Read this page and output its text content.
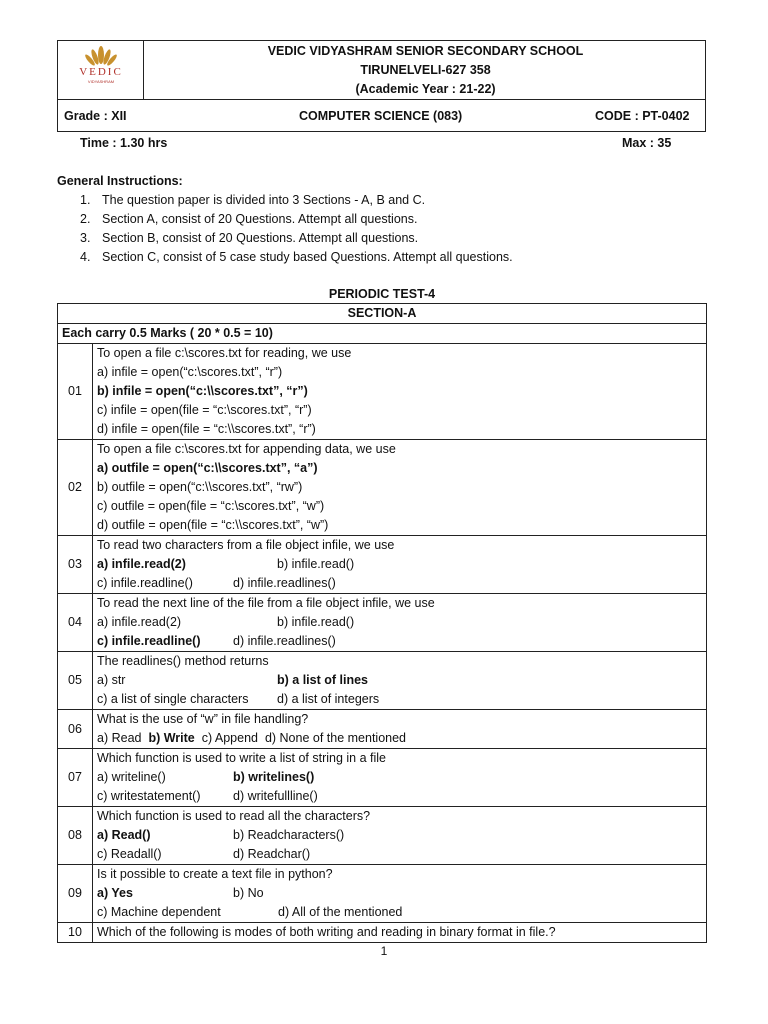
VEDIC
VIDYASHRAM
VEDIC VIDYASHRAM SENIOR SECONDARY SCHOOL
TIRUNELVELI-627 358
(Academic Year : 21-22)
Grade : XII	COMPUTER SCIENCE (083)	CODE : PT-0402
Time : 1.30 hrs	Max : 35
General Instructions:
1. The question paper is divided into 3 Sections - A, B and C.
2. Section A, consist of 20 Questions. Attempt all questions.
3. Section B, consist of 20 Questions. Attempt all questions.
4. Section C, consist of 5 case study based Questions. Attempt all questions.
PERIODIC TEST-4
SECTION-A	
Each carry 0.5 Marks ( 20 * 0.5 = 10)	
01	To open a file c:\scores.txt for reading, we use
a) infile = open(“c:\scores.txt”, “r”)
b) infile = open(“c:\\scores.txt”, “r”)
c) infile = open(file = “c:\scores.txt”, “r”)
d) infile = open(file = “c:\\scores.txt”, “r”)

02	To open a file c:\scores.txt for appending data, we use
a) outfile = open(“c:\\scores.txt”, “a”)
b) outfile = open(“c:\\scores.txt”, “rw”)
c) outfile = open(file = “c:\scores.txt”, “w”)
d) outfile = open(file = “c:\\scores.txt”, “w”)

03	To read two characters from a file object infile, we use
a) infile.read(2) b) infile.read()
c) infile.readline() d) infile.readlines()

04	To read the next line of the file from a file object infile, we use
a) infile.read(2) b) infile.read()
c) infile.readline() d) infile.readlines()

05	The readlines() method returns
a) str b) a list of lines
c) a list of single characters d) a list of integers

06	What is the use of “w” in file handling?
a) Read b) Write c) Append d) None of the mentioned

07	Which function is used to write a list of string in a file
a) writeline() b) writelines()
c) writestatement() d) writefullline()

08	Which function is used to read all the characters?
a) Read() b) Readcharacters()
c) Readall() d) Readchar()

09	Is it possible to create a text file in python?
a) Yes b) No
c) Machine dependent d) All of the mentioned

10	Which of the following is modes of both writing and reading in binary format in file.?
1
